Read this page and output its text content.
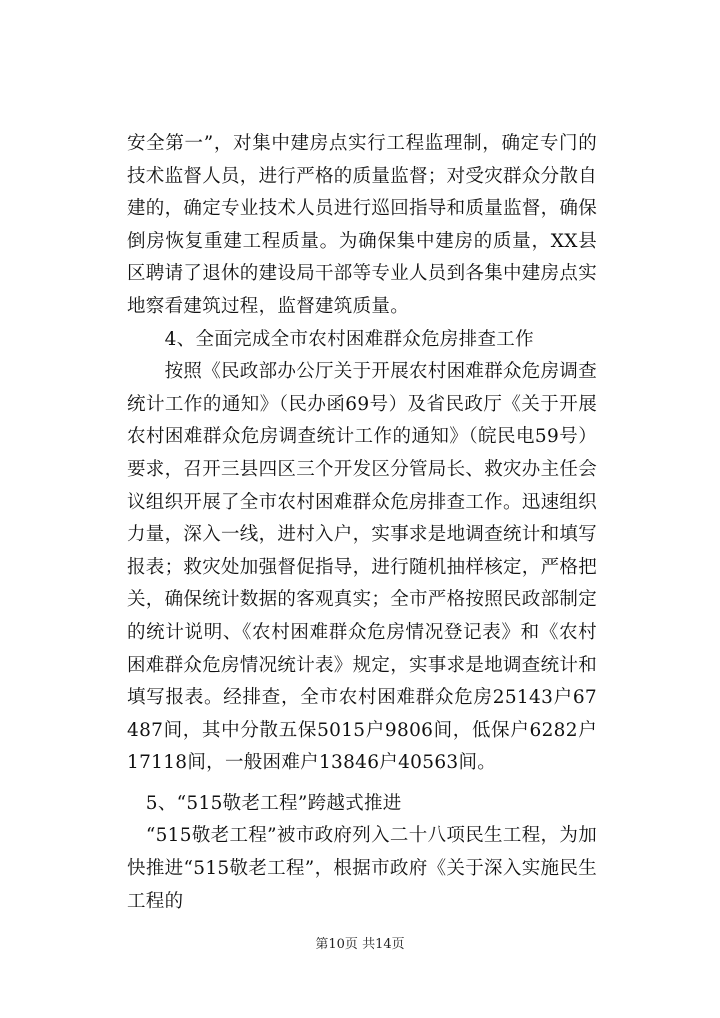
安全第一”，对集中建房点实行工程监理制，确定专门的技术监督人员，进行严格的质量监督；对受灾群众分散自建的，确定专业技术人员进行巡回指导和质量监督，确保倒房恢复重建工程质量。为确保集中建房的质量，XX县区聘请了退休的建设局干部等专业人员到各集中建房点实地察看建筑过程，监督建筑质量。

　　4、全面完成全市农村困难群众危房排查工作

　　按照《民政部办公厅关于开展农村困难群众危房调查统计工作的通知》（民办函69号）及省民政厅《关于开展农村困难群众危房调查统计工作的通知》（皖民电59号）要求，召开三县四区三个开发区分管局长、救灾办主任会议组织开展了全市农村困难群众危房排查工作。迅速组织力量，深入一线，进村入户，实事求是地调查统计和填写报表；救灾处加强督促指导，进行随机抽样核定，严格把关，确保统计数据的客观真实；全市严格按照民政部制定的统计说明、《农村困难群众危房情况登记表》和《农村困难群众危房情况统计表》规定，实事求是地调查统计和填写报表。经排查，全市农村困难群众危房25143户67487间，其中分散五保5015户9806间，低保户6282户17118间，一般困难户13846户40563间。

　5、“515敬老工程”跨越式推进

　“515敬老工程”被市政府列入二十八项民生工程，为加快推进“515敬老工程”，根据市政府《关于深入实施民生工程的

第10页 共14页
